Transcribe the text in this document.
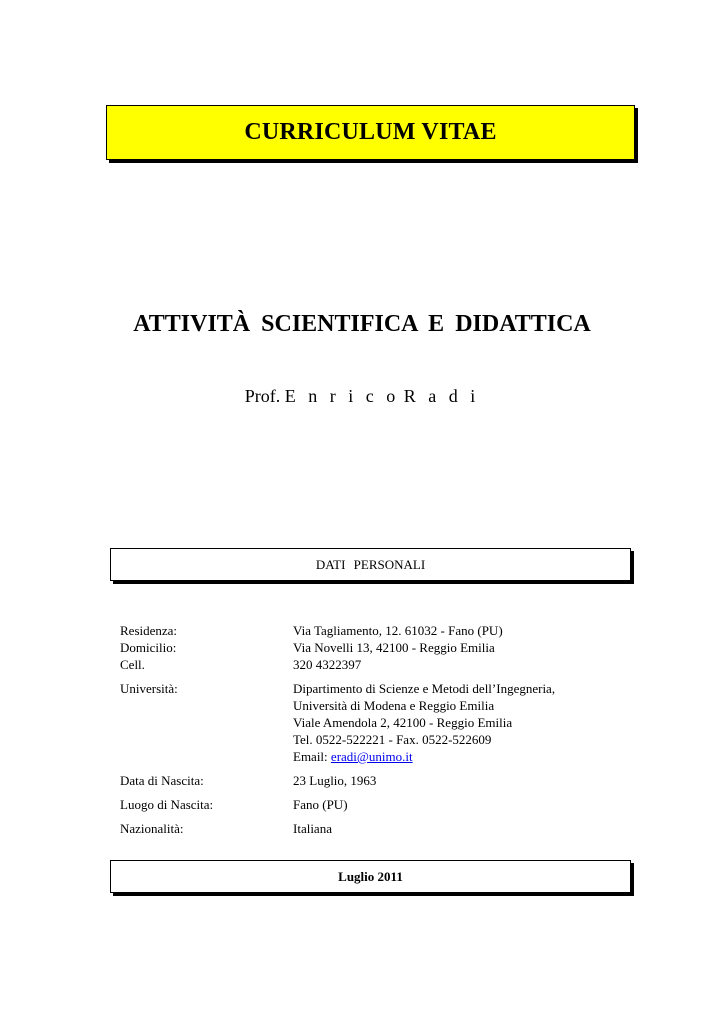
CURRICULUM VITAE
ATTIVITÀ SCIENTIFICA E DIDATTICA
Prof. E n r i c o R a d i
DATI PERSONALI
Residenza:	Via Tagliamento, 12. 61032 - Fano (PU)
Domicilio:	Via Novelli 13, 42100 - Reggio Emilia
Cell.	320 4322397
Università:	Dipartimento di Scienze e Metodi dell’Ingegneria,
Università di Modena e Reggio Emilia
Viale Amendola 2, 42100 - Reggio Emilia
Tel. 0522-522221 - Fax. 0522-522609
Email: eradi@unimo.it
Data di Nascita:	23 Luglio, 1963
Luogo di Nascita:	Fano (PU)
Nazionalità:	Italiana
Luglio 2011
